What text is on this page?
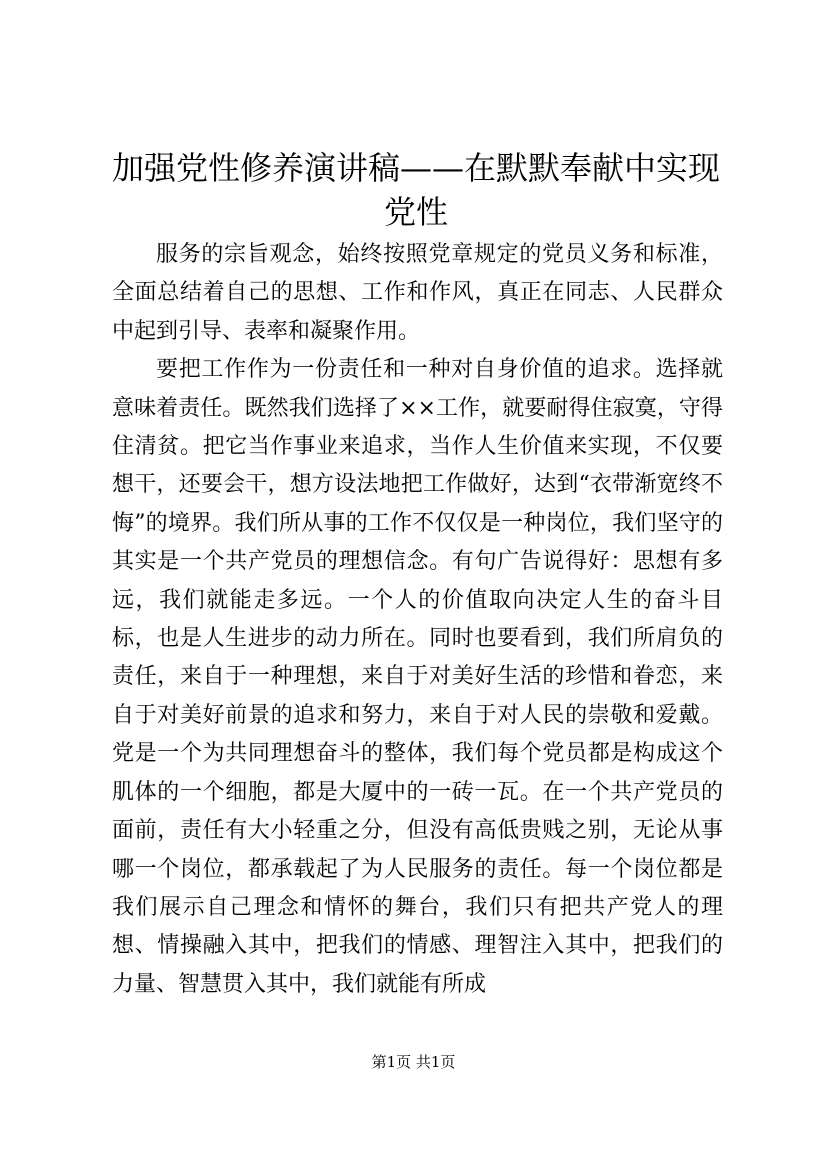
加强党性修养演讲稿——在默默奉献中实现党性

服务的宗旨观念，始终按照党章规定的党员义务和标准，全面总结着自己的思想、工作和作风，真正在同志、人民群众中起到引导、表率和凝聚作用。

要把工作作为一份责任和一种对自身价值的追求。选择就意味着责任。既然我们选择了××工作，就要耐得住寂寞，守得住清贫。把它当作事业来追求，当作人生价值来实现，不仅要想干，还要会干，想方设法地把工作做好，达到“衣带渐宽终不悔”的境界。我们所从事的工作不仅仅是一种岗位，我们坚守的其实是一个共产党员的理想信念。有句广告说得好：思想有多远，我们就能走多远。一个人的价值取向决定人生的奋斗目标，也是人生进步的动力所在。同时也要看到，我们所肩负的责任，来自于一种理想，来自于对美好生活的珍惜和眷恋，来自于对美好前景的追求和努力，来自于对人民的崇敬和爱戴。党是一个为共同理想奋斗的整体，我们每个党员都是构成这个肌体的一个细胞，都是大厦中的一砖一瓦。在一个共产党员的面前，责任有大小轻重之分，但没有高低贵贱之别，无论从事哪一个岗位，都承载起了为人民服务的责任。每一个岗位都是我们展示自己理念和情怀的舞台，我们只有把共产党人的理想、情操融入其中，把我们的情感、理智注入其中，把我们的力量、智慧贯入其中，我们就能有所成

第1页 共1页
